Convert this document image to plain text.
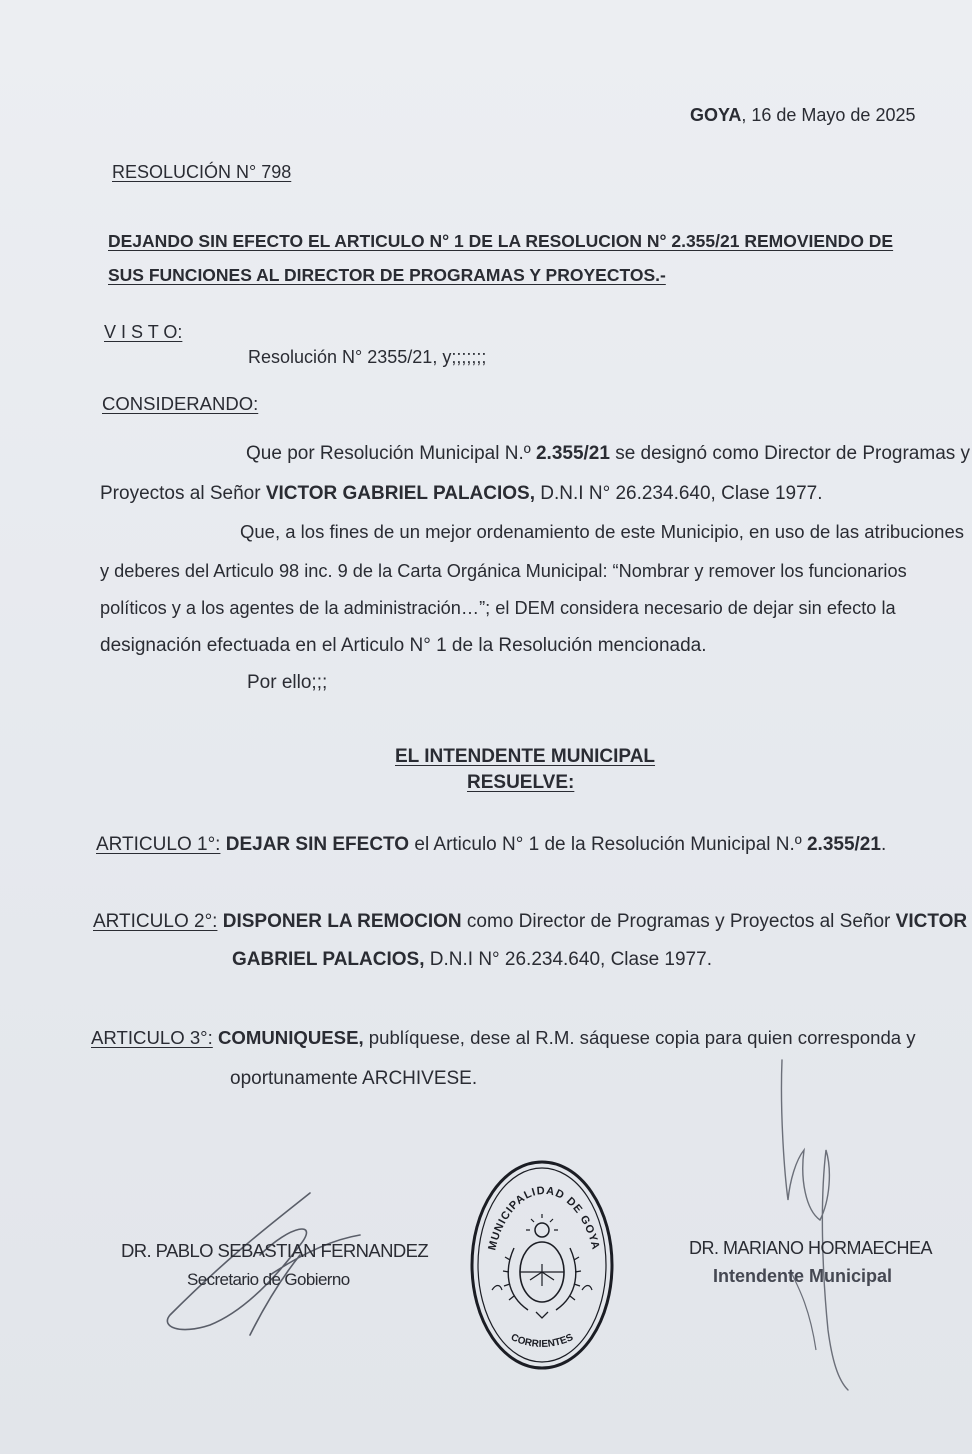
GOYA, 16 de Mayo de 2025
RESOLUCIÓN N° 798
DEJANDO SIN EFECTO EL ARTICULO N° 1 DE LA RESOLUCION N° 2.355/21 REMOVIENDO DE
SUS FUNCIONES AL DIRECTOR DE PROGRAMAS Y PROYECTOS.-
V I S T O:
Resolución N° 2355/21, y;;;;;;;
CONSIDERANDO:
Que por Resolución Municipal N.º 2.355/21 se designó como Director de Programas y
Proyectos al Señor VICTOR GABRIEL PALACIOS, D.N.I N° 26.234.640, Clase 1977.
Que, a los fines de un mejor ordenamiento de este Municipio, en uso de las atribuciones
y deberes del Articulo 98 inc. 9 de la Carta Orgánica Municipal: “Nombrar y remover los funcionarios
políticos y a los agentes de la administración…”; el DEM considera necesario de dejar sin efecto la
designación efectuada en el Articulo N° 1 de la Resolución mencionada.
Por ello;;;
EL INTENDENTE MUNICIPAL
RESUELVE:
ARTICULO 1°: DEJAR SIN EFECTO el Articulo N° 1 de la Resolución Municipal N.º 2.355/21.
ARTICULO 2°: DISPONER LA REMOCION como Director de Programas y Proyectos al Señor VICTOR
GABRIEL PALACIOS, D.N.I N° 26.234.640, Clase 1977.
ARTICULO 3°: COMUNIQUESE, publíquese, dese al R.M. sáquese copia para quien corresponda y
oportunamente ARCHIVESE.
DR. PABLO SEBASTIAN FERNANDEZ
Secretario de Gobierno
MUNICIPALIDAD DE GOYA
CORRIENTES
DR. MARIANO HORMAECHEA
Intendente Municipal
